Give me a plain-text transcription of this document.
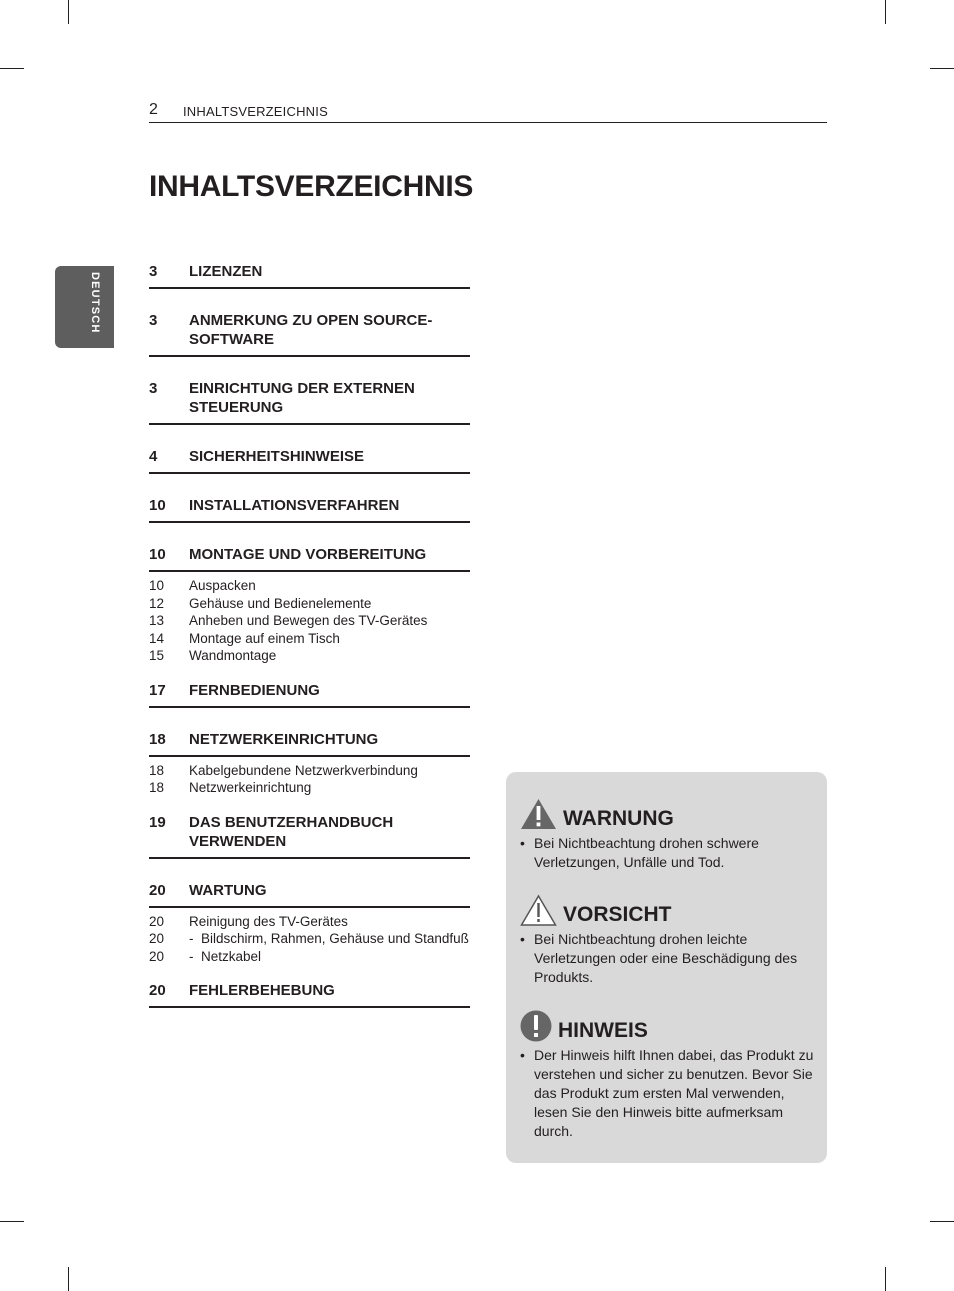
2 INHALTSVERZEICHNIS
INHALTSVERZEICHNIS
DEUTSCH
3	LIZENZEN
3	ANMERKUNG ZU OPEN SOURCE-SOFTWARE
3	EINRICHTUNG DER EXTERNEN STEUERUNG
4	SICHERHEITSHINWEISE
10	INSTALLATIONSVERFAHREN
10	MONTAGE UND VORBEREITUNG
10	Auspacken
12	Gehäuse und Bedienelemente
13	Anheben und Bewegen des TV-Gerätes
14	Montage auf einem Tisch
15	Wandmontage
17	FERNBEDIENUNG
18	NETZWERKEINRICHTUNG
18	Kabelgebundene Netzwerkverbindung
18	Netzwerkeinrichtung
19	DAS BENUTZERHANDBUCH VERWENDEN
20	WARTUNG
20	Reinigung des TV-Gerätes
20	- Bildschirm, Rahmen, Gehäuse und Standfuß
20	- Netzkabel
20	FEHLERBEHEBUNG
WARNUNG
• Bei Nichtbeachtung drohen schwere Verletzungen, Unfälle und Tod.
VORSICHT
• Bei Nichtbeachtung drohen leichte Verletzungen oder eine Beschädigung des Produkts.
HINWEIS
• Der Hinweis hilft Ihnen dabei, das Produkt zu verstehen und sicher zu benutzen. Bevor Sie das Produkt zum ersten Mal verwenden, lesen Sie den Hinweis bitte aufmerksam durch.
